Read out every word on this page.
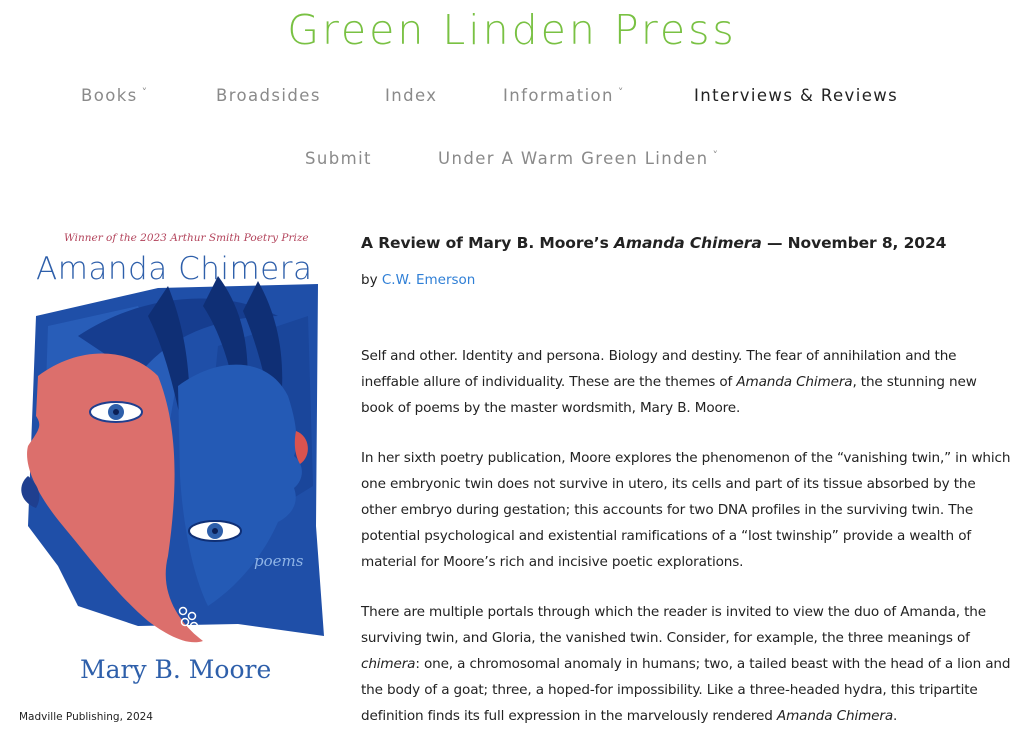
Green Linden Press
Books ˅	Broadsides	Index	Information ˅	Interviews & Reviews
Submit	Under A Warm Green Linden ˅
Winner of the 2023 Arthur Smith Poetry Prize
Amanda Chimera
poems
Mary B. Moore
Madville Publishing, 2024
A Review of Mary B. Moore’s Amanda Chimera — November 8, 2024
by C.W. Emerson

Self and other. Identity and persona. Biology and destiny. The fear of annihilation and the ineffable allure of individuality. These are the themes of Amanda Chimera, the stunning new book of poems by the master wordsmith, Mary B. Moore.

In her sixth poetry publication, Moore explores the phenomenon of the “vanishing twin,” in which one embryonic twin does not survive in utero, its cells and part of its tissue absorbed by the other embryo during gestation; this accounts for two DNA profiles in the surviving twin. The potential psychological and existential ramifications of a “lost twinship” provide a wealth of material for Moore’s rich and incisive poetic explorations.

There are multiple portals through which the reader is invited to view the duo of Amanda, the surviving twin, and Gloria, the vanished twin. Consider, for example, the three meanings of chimera: one, a chromosomal anomaly in humans; two, a tailed beast with the head of a lion and the body of a goat; three, a hoped-for impossibility. Like a three-headed hydra, this tripartite definition finds its full expression in the marvelously rendered Amanda Chimera.
